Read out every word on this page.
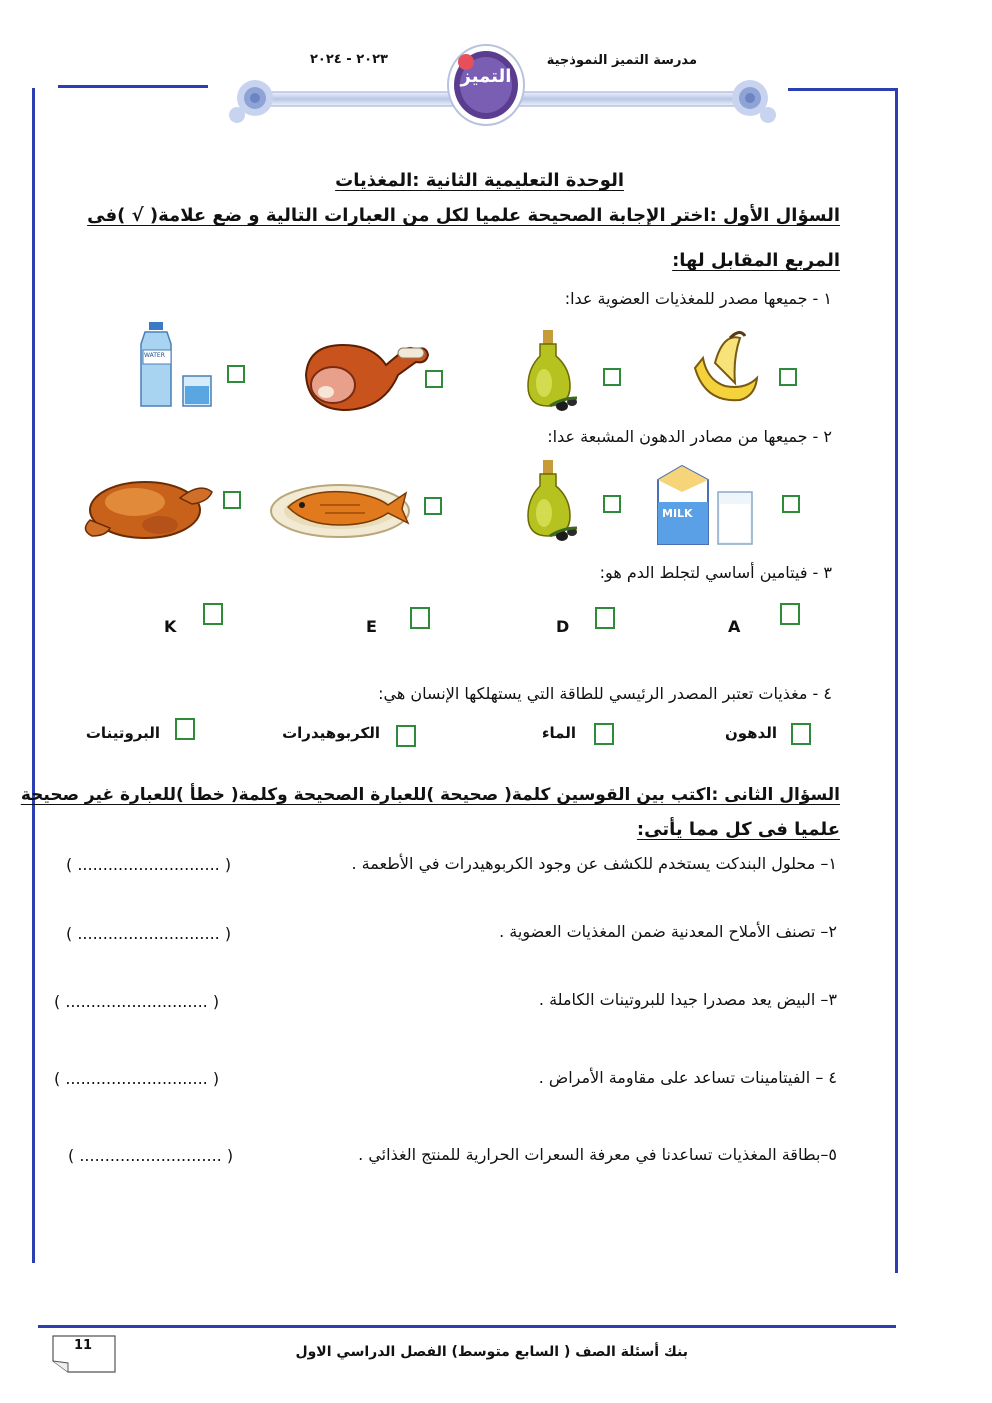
مدرسة التميز النموذجية
٢٠٢٣ - ٢٠٢٤
التميز
الوحدة التعليمية الثانية :المغذيات
السؤال الأول :اختر الإجابة الصحيحة علميا لكل من العبارات التالية و ضع علامة( √ )فى
المربع المقابل لها:
١ - جميعها مصدر للمغذيات العضوية عدا:
WATER
٢ - جميعها من مصادر الدهون المشبعة عدا:
MILK
٣ - فيتامين أساسي لتجلط الدم هو:
A
D
E
K
٤ - مغذيات تعتبر المصدر الرئيسي للطاقة التي يستهلكها الإنسان هي:
الدهون
الماء
الكربوهيدرات
البروتينات
السؤال الثانى :اكتب بين القوسين كلمة( صحيحة )للعبارة الصحيحة وكلمة( خطأ )للعبارة غير صحيحة
علميا فى كل مما يأتى:
١– محلول البندكت يستخدم للكشف عن وجود الكربوهيدرات في الأطعمة .
( ............................ )
٢– تصنف الأملاح المعدنية ضمن المغذيات العضوية .
( ............................ )
٣– البيض يعد مصدرا جيدا للبروتينات الكاملة .
( ............................ )
٤ – الفيتامينات تساعد على مقاومة الأمراض .
( ............................ )
٥–بطاقة المغذيات تساعدنا في معرفة السعرات الحرارية للمنتج الغذائي .
( ............................ )
11	بنك أسئلة الصف ( السابع متوسط) الفصل الدراسي الاول
